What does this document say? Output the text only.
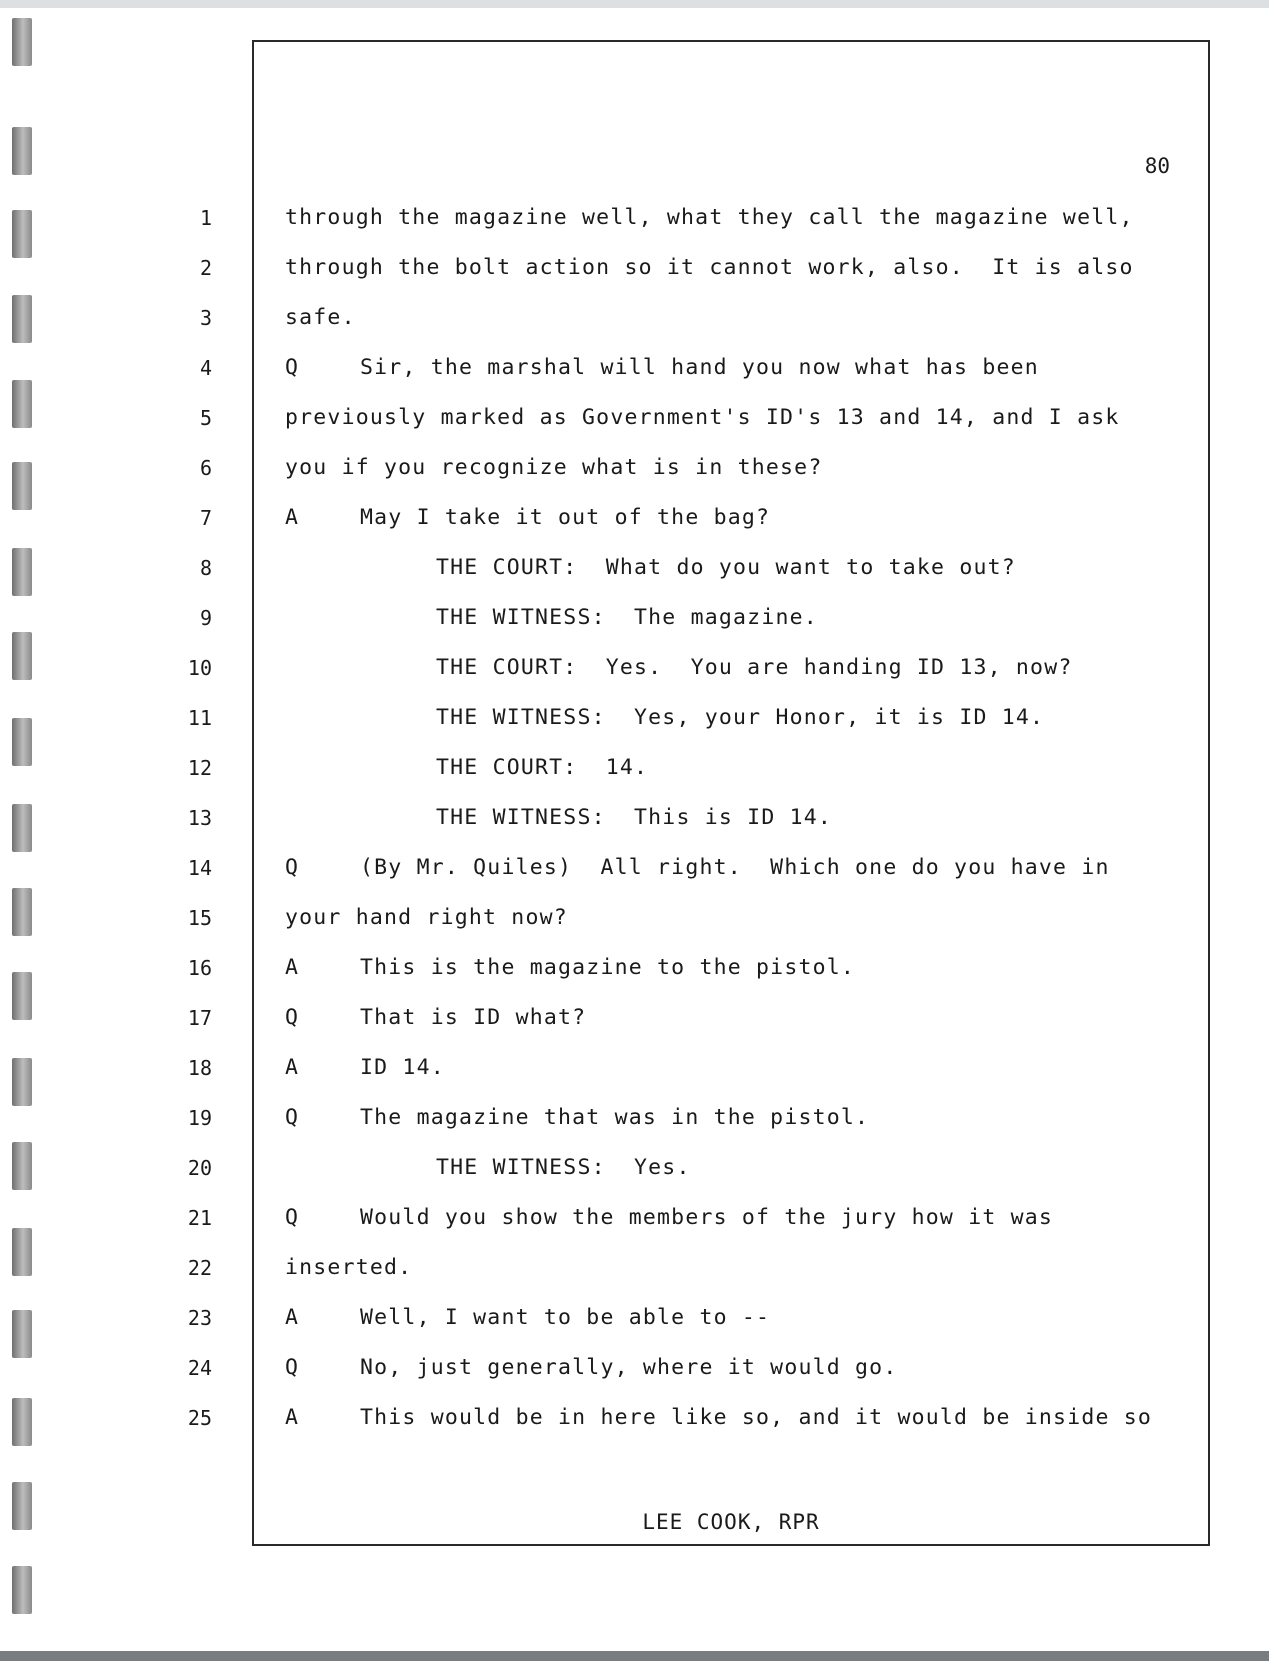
80
1	through the magazine well, what they call the magazine well,
2	through the bolt action so it cannot work, also.  It is also
3	safe.
4	Q	Sir, the marshal will hand you now what has been
5	previously marked as Government's ID's 13 and 14, and I ask
6	you if you recognize what is in these?
7	A	May I take it out of the bag?
8	THE COURT:  What do you want to take out?
9	THE WITNESS:  The magazine.
10	THE COURT:  Yes.  You are handing ID 13, now?
11	THE WITNESS:  Yes, your Honor, it is ID 14.
12	THE COURT:  14.
13	THE WITNESS:  This is ID 14.
14	Q	(By Mr. Quiles)  All right.  Which one do you have in
15	your hand right now?
16	A	This is the magazine to the pistol.
17	Q	That is ID what?
18	A	ID 14.
19	Q	The magazine that was in the pistol.
20	THE WITNESS:  Yes.
21	Q	Would you show the members of the jury how it was
22	inserted.
23	A	Well, I want to be able to --
24	Q	No, just generally, where it would go.
25	A	This would be in here like so, and it would be inside so
LEE COOK, RPR
